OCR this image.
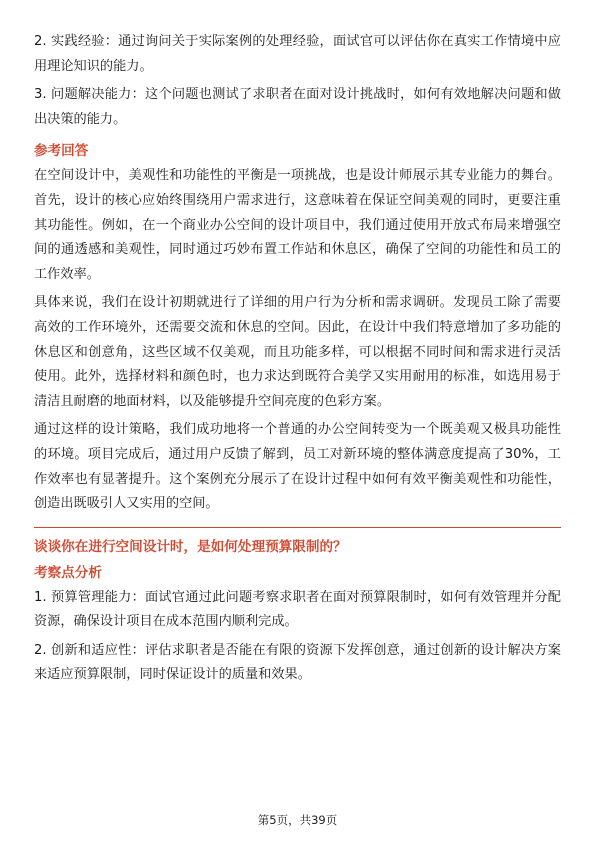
2. 实践经验：通过询问关于实际案例的处理经验，面试官可以评估你在真实工作情境中应用理论知识的能力。

3. 问题解决能力：这个问题也测试了求职者在面对设计挑战时，如何有效地解决问题和做出决策的能力。

参考回答

在空间设计中，美观性和功能性的平衡是一项挑战，也是设计师展示其专业能力的舞台。首先，设计的核心应始终围绕用户需求进行，这意味着在保证空间美观的同时，更要注重其功能性。例如，在一个商业办公空间的设计项目中，我们通过使用开放式布局来增强空间的通透感和美观性，同时通过巧妙布置工作站和休息区，确保了空间的功能性和员工的工作效率。

具体来说，我们在设计初期就进行了详细的用户行为分析和需求调研。发现员工除了需要高效的工作环境外，还需要交流和休息的空间。因此，在设计中我们特意增加了多功能的休息区和创意角，这些区域不仅美观，而且功能多样，可以根据不同时间和需求进行灵活使用。此外，选择材料和颜色时，也力求达到既符合美学又实用耐用的标准，如选用易于清洁且耐磨的地面材料，以及能够提升空间亮度的色彩方案。

通过这样的设计策略，我们成功地将一个普通的办公空间转变为一个既美观又极具功能性的环境。项目完成后，通过用户反馈了解到，员工对新环境的整体满意度提高了30%，工作效率也有显著提升。这个案例充分展示了在设计过程中如何有效平衡美观性和功能性，创造出既吸引人又实用的空间。

谈谈你在进行空间设计时，是如何处理预算限制的？

考察点分析

1. 预算管理能力：面试官通过此问题考察求职者在面对预算限制时，如何有效管理并分配资源，确保设计项目在成本范围内顺利完成。

2. 创新和适应性：评估求职者是否能在有限的资源下发挥创意，通过创新的设计解决方案来适应预算限制，同时保证设计的质量和效果。

第5页，共39页
